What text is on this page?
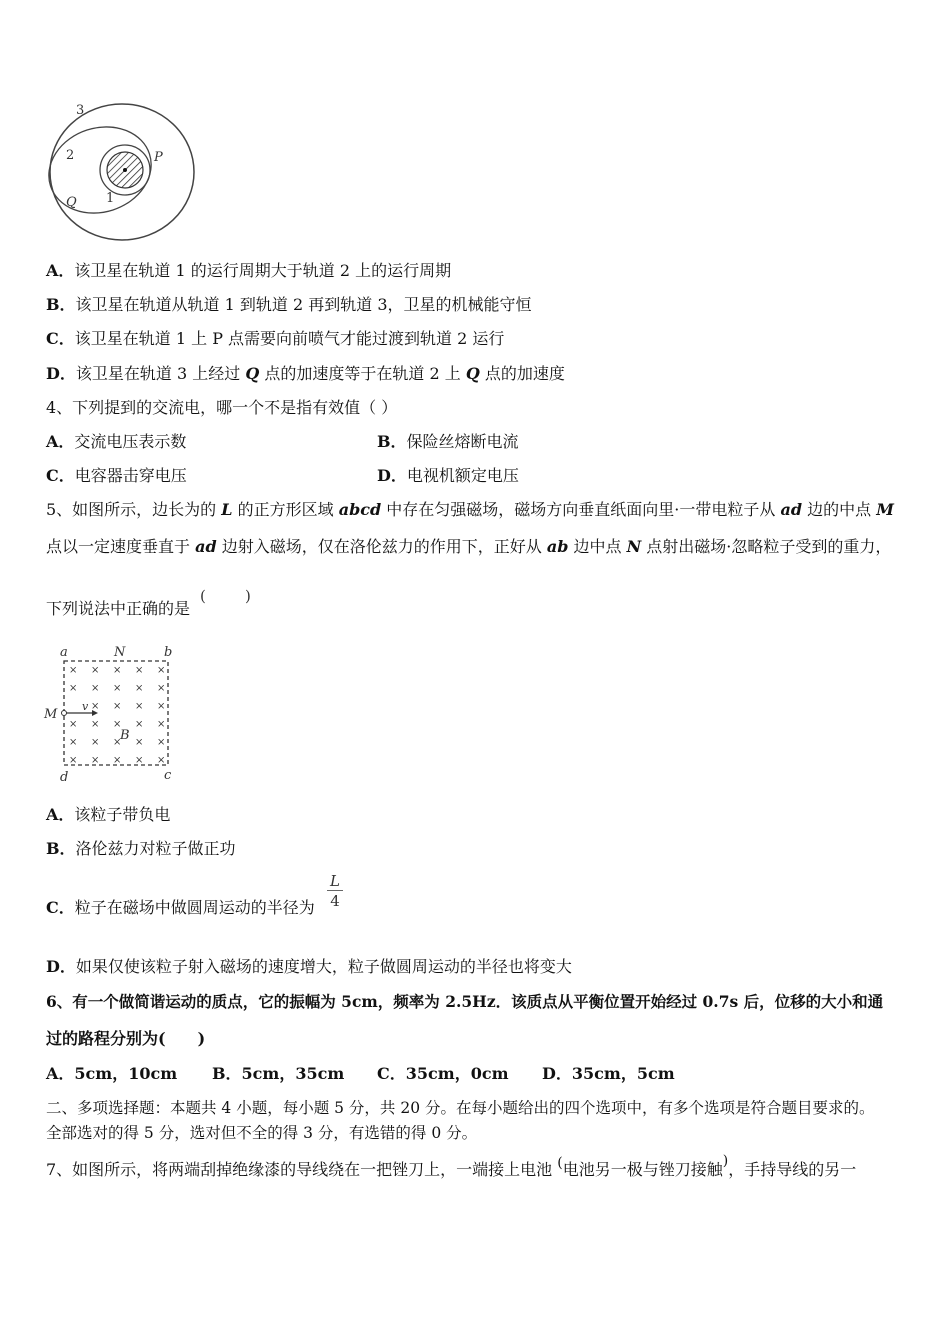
3
2	P
1
Q
A．该卫星在轨道 1 的运行周期大于轨道 2 上的运行周期
B．该卫星在轨道从轨道 1 到轨道 2 再到轨道 3，卫星的机械能守恒
C．该卫星在轨道 1 上 P 点需要向前喷气才能过渡到轨道 2 运行
D．该卫星在轨道 3 上经过 Q 点的加速度等于在轨道 2 上 Q 点的加速度
4、下列提到的交流电，哪一个不是指有效值（ ）
A．交流电压表示数	B．保险丝熔断电流
C．电容器击穿电压	D．电视机额定电压
5、如图所示，边长为的 L 的正方形区域 abcd 中存在匀强磁场，磁场方向垂直纸面向里·一带电粒子从 ad 边的中点 M
点以一定速度垂直于 ad 边射入磁场，仅在洛伦兹力的作用下，正好从 ab 边中点 N 点射出磁场·忽略粒子受到的重力，
下列说法中正确的是
(	)
× × × × ×
× × × × ×
× × × ×
× × × × ×
× × × × ×
× × × × ×
a	N	b
M
v
B
d	c
A．该粒子带负电
B．洛伦兹力对粒子做正功
C．粒子在磁场中做圆周运动的半径为
L
4
D．如果仅使该粒子射入磁场的速度增大，粒子做圆周运动的半径也将变大
6、有一个做简谐运动的质点，它的振幅为 5cm，频率为 2.5Hz．该质点从平衡位置开始经过 0.7s 后，位移的大小和通
过的路程分别为(　　)
A．5cm，10cm B．5cm，35cm C．35cm，0cm D．35cm，5cm
二、多项选择题：本题共 4 小题，每小题 5 分，共 20 分。在每小题给出的四个选项中，有多个选项是符合题目要求的。
全部选对的得 5 分，选对但不全的得 3 分，有选错的得 0 分。
7、如图所示，将两端刮掉绝缘漆的导线绕在一把锉刀上，一端接上电池 (电池另一极与锉刀接触)，手持导线的另一
